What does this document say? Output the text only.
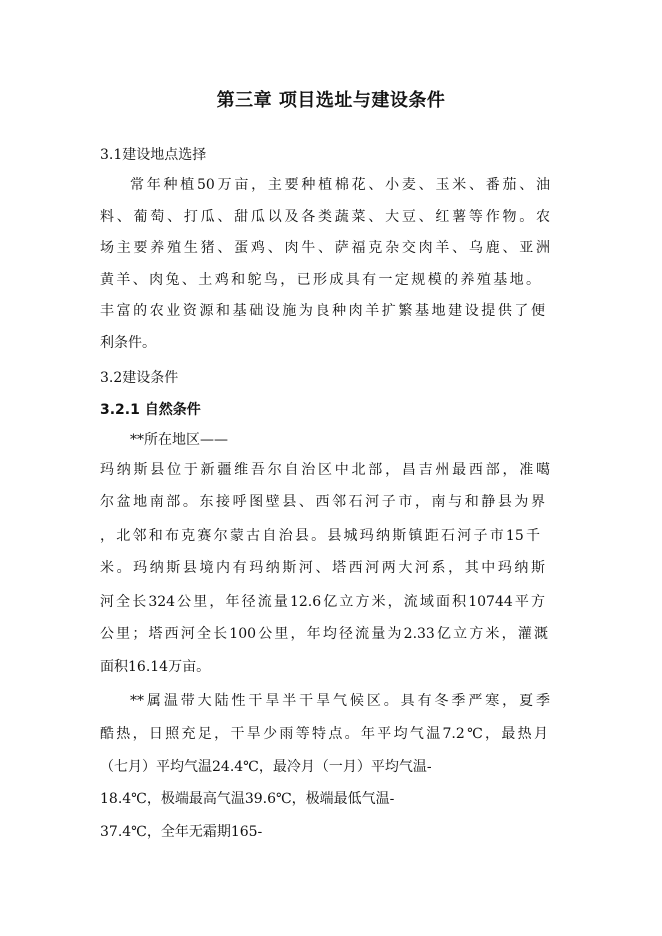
第三章 项目选址与建设条件
3.1建设地点选择
常年种植50万亩，主要种植棉花、小麦、玉米、番茄、油
料、葡萄、打瓜、甜瓜以及各类蔬菜、大豆、红薯等作物。农
场主要养殖生猪、蛋鸡、肉牛、萨福克杂交肉羊、乌鹿、亚洲
黄羊、肉兔、土鸡和鸵鸟，已形成具有一定规模的养殖基地。
丰富的农业资源和基础设施为良种肉羊扩繁基地建设提供了便
利条件。
3.2建设条件
3.2.1 自然条件
**所在地区——
玛纳斯县位于新疆维吾尔自治区中北部，昌吉州最西部，准噶
尔盆地南部。东接呼图壁县、西邻石河子市，南与和静县为界
，北邻和布克赛尔蒙古自治县。县城玛纳斯镇距石河子市15千
米。玛纳斯县境内有玛纳斯河、塔西河两大河系，其中玛纳斯
河全长324公里，年径流量12.6亿立方米，流域面积10744平方
公里；塔西河全长100公里，年均径流量为2.33亿立方米，灌溉
面积16.14万亩。
**属温带大陆性干旱半干旱气候区。具有冬季严寒，夏季
酷热，日照充足，干旱少雨等特点。年平均气温7.2℃，最热月
（七月）平均气温24.4℃，最冷月（一月）平均气温-
18.4℃，极端最高气温39.6℃，极端最低气温-
37.4℃，全年无霜期165-
